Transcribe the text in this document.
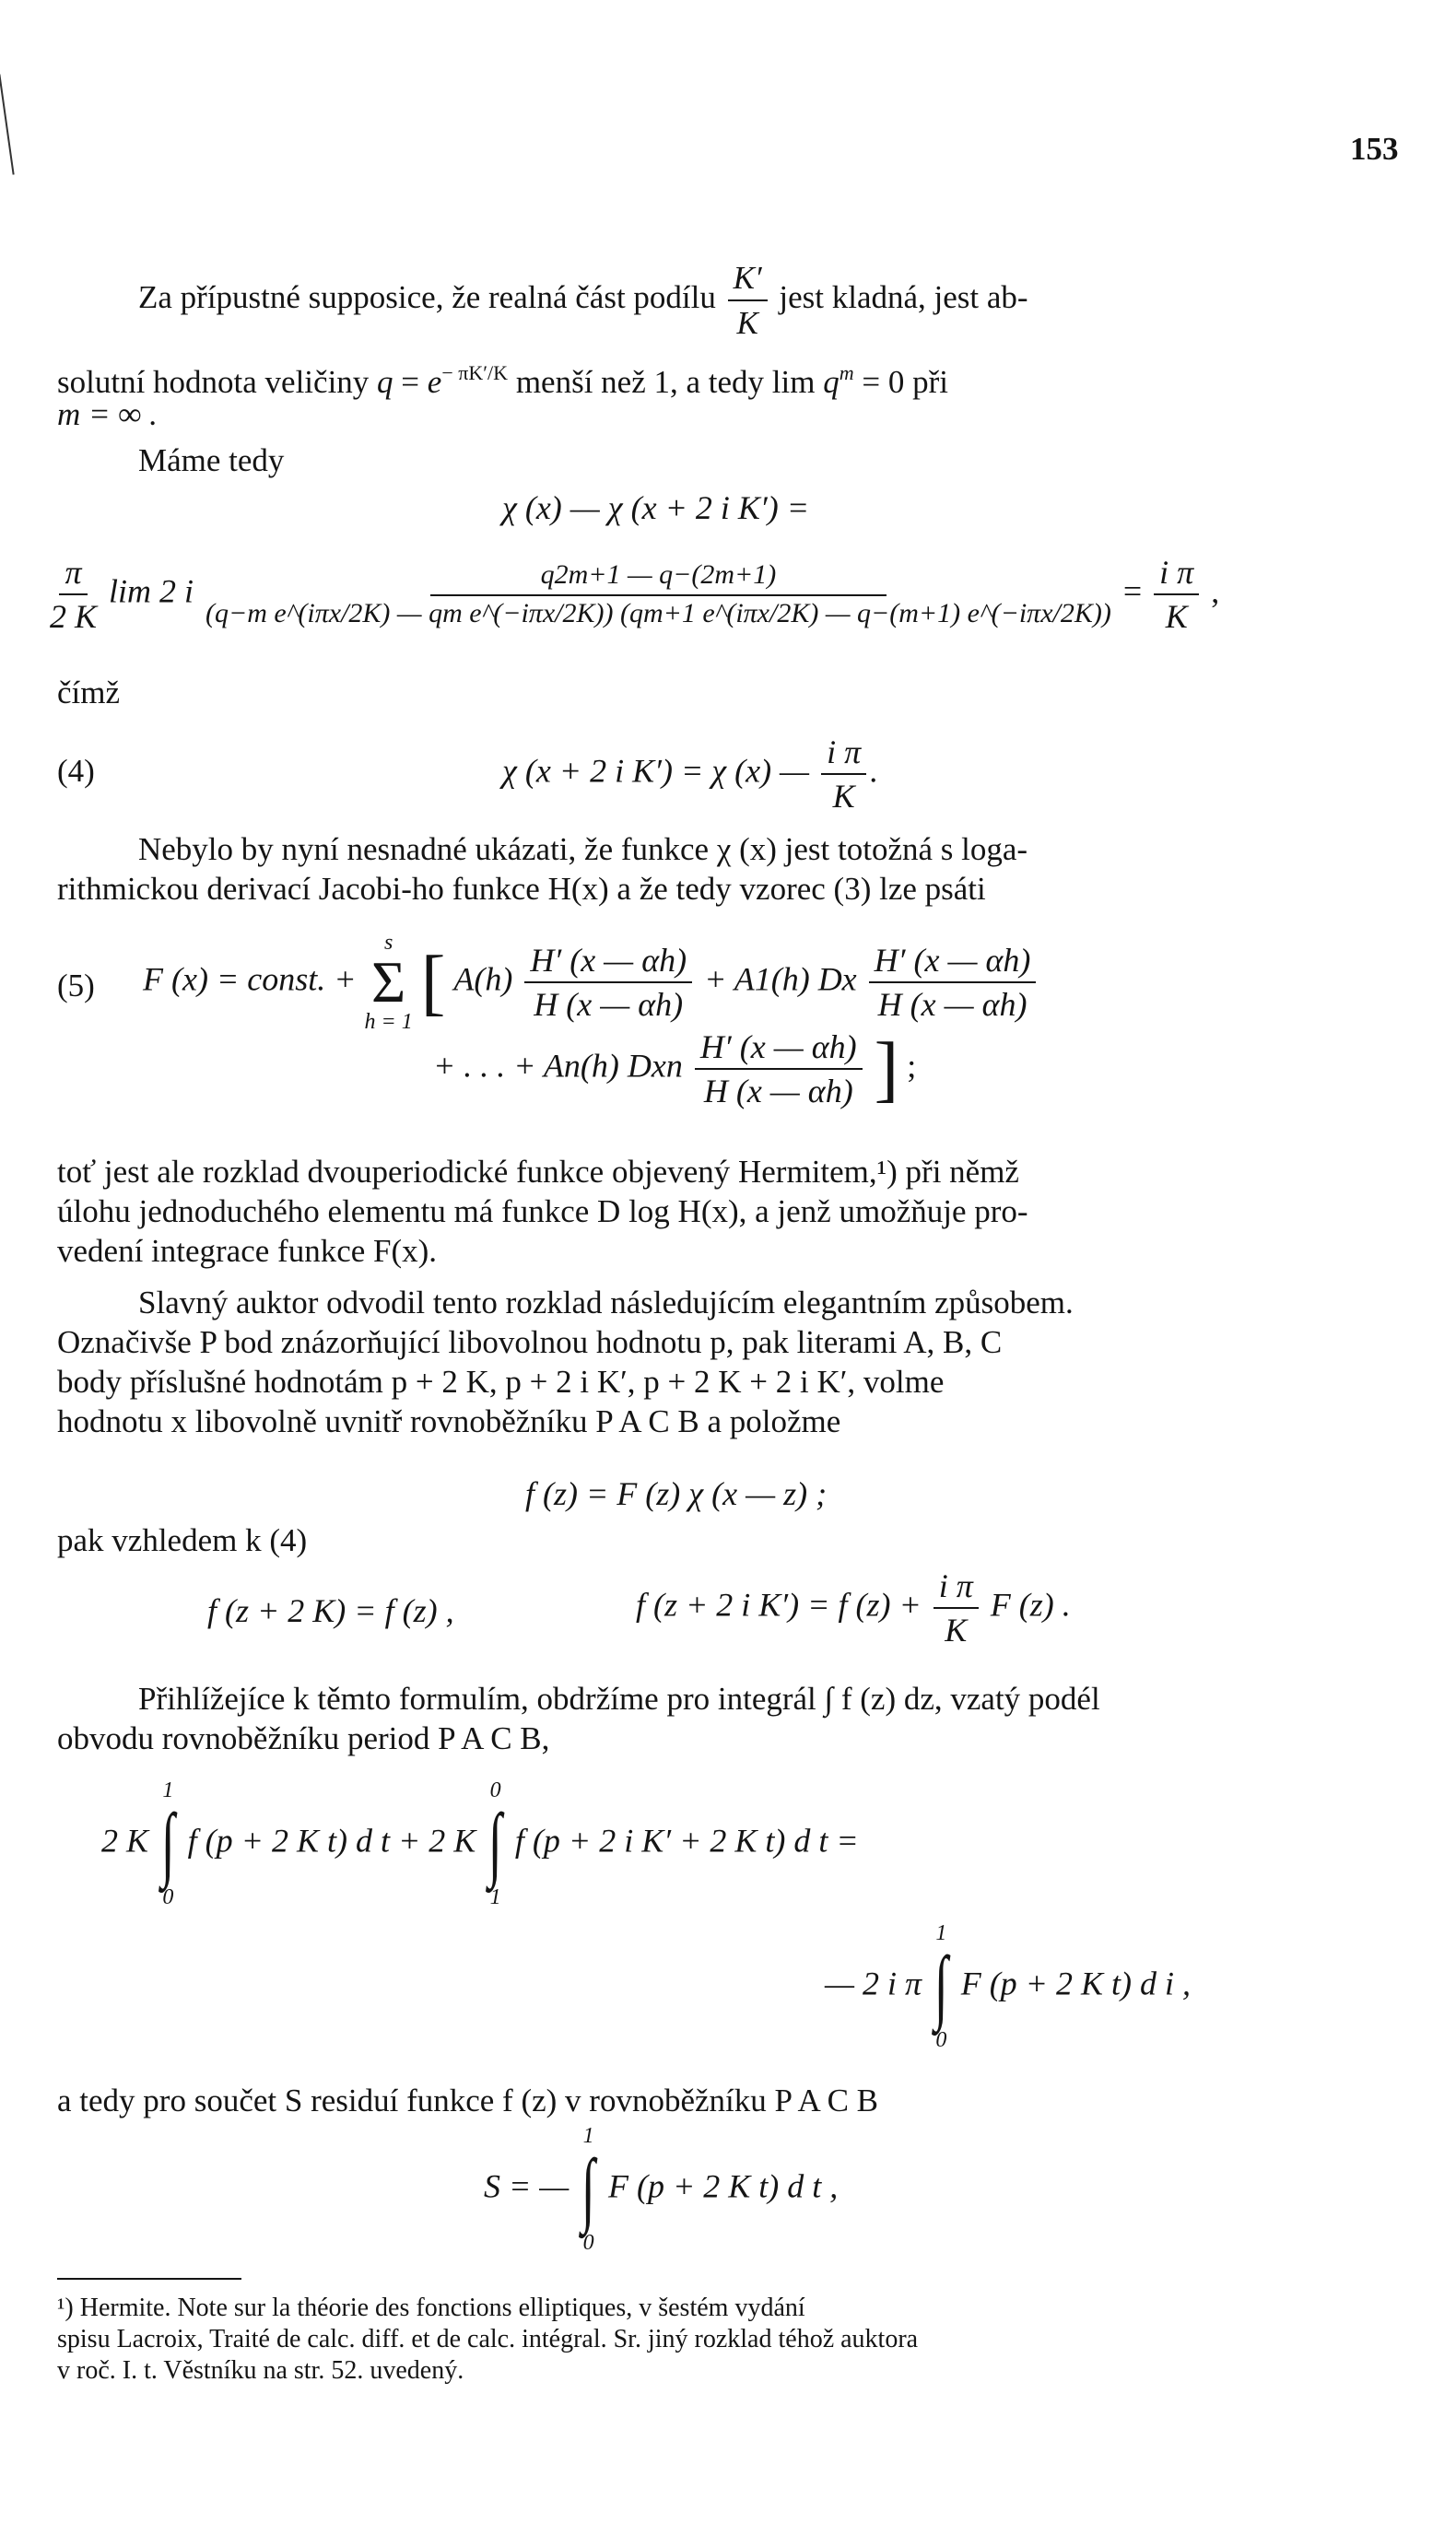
153
Za přípustné supposice, že realná část podílu $\frac{K'}{K}$ jest kladná, jest ab-
solutní hodnota veličiny $q = e^{- \pi K'/K}$ menší než 1, a tedy $\lim q^m = 0$ při
m = ∞ .
Máme tedy
χ (x) — χ (x + 2 i K′) =
$\frac{\pi}{2 K}$ lim 2 i	q2m+1 — q−(2m+1)
(q−m e^(iπx/2K) — qm e^(−iπx/2K)) (qm+1 e^(iπx/2K) — q−(m+1) e^(−iπx/2K))
= $\frac{\text{i π}}{K}$ ,
čímž
(4)	χ (x + 2 i K′) = χ (x) — $\frac{\text{i π}}{K}$ .
Nebylo by nyní nesnadné ukázati, že funkce χ (x) jest totožná s loga-
rithmickou derivací Jacobi-ho funkce H(x) a že tedy vzorec (3) lze psáti
(5) F (x) = const. +
s
Σ
h = 1 [ $A(h) \frac{H' (x — \alpha h)}{H (x — \alpha h)} + A1(h)$ Dx $\frac{H' (x — \alpha h)}{H (x — \alpha h)}$
+ . . . + An(h) Dxn $\frac{H' (x — \alpha h)}{H (x — \alpha h)}$ ] ;
toť jest ale rozklad dvouperiodické funkce objevený Hermitem,¹) při němž
úlohu jednoduchého elementu má funkce D log H(x), a jenž umožňuje pro-
vedení integrace funkce F(x).
Slavný auktor odvodil tento rozklad následujícím elegantním způsobem.
Označivše P bod znázorňující libovolnou hodnotu p, pak literami A, B, C
body příslušné hodnotám p + 2 K, p + 2 i K′, p + 2 K + 2 i K′, volme
hodnotu x libovolně uvnitř rovnoběžníku P A C B a položme
f (z) = F (z) χ (x — z) ;
pak vzhledem k (4)
f (z + 2 K) = f (z) ,	f (z + 2 i K′) = f $(z) + \frac{\text{i π}}{K}$ F (z) .
Přihlížejíce k těmto formulím, obdržíme pro integrál ∫ f (z) dz, vzatý podél
obvodu rovnoběžníku period P A C B,
2 K
1
∫
0
f (p + 2 K t) d t + 2 K
0
∫
1
f (p + 2 i K′ + 2 K t) d t =
— 2 i π
1
∫
0
F (p + 2 K t) d i ,
a tedy pro součet S residuí funkce f (z) v rovnoběžníku P A C B
S = —
1
∫
0
F (p + 2 K t) d t ,
¹) Hermite. Note sur la théorie des fonctions elliptiques, v šestém vydání
spisu Lacroix, Traité de calc. diff. et de calc. intégral. Sr. jiný rozklad téhož auktora
v roč. I. t. Věstníku na str. 52. uvedený.
